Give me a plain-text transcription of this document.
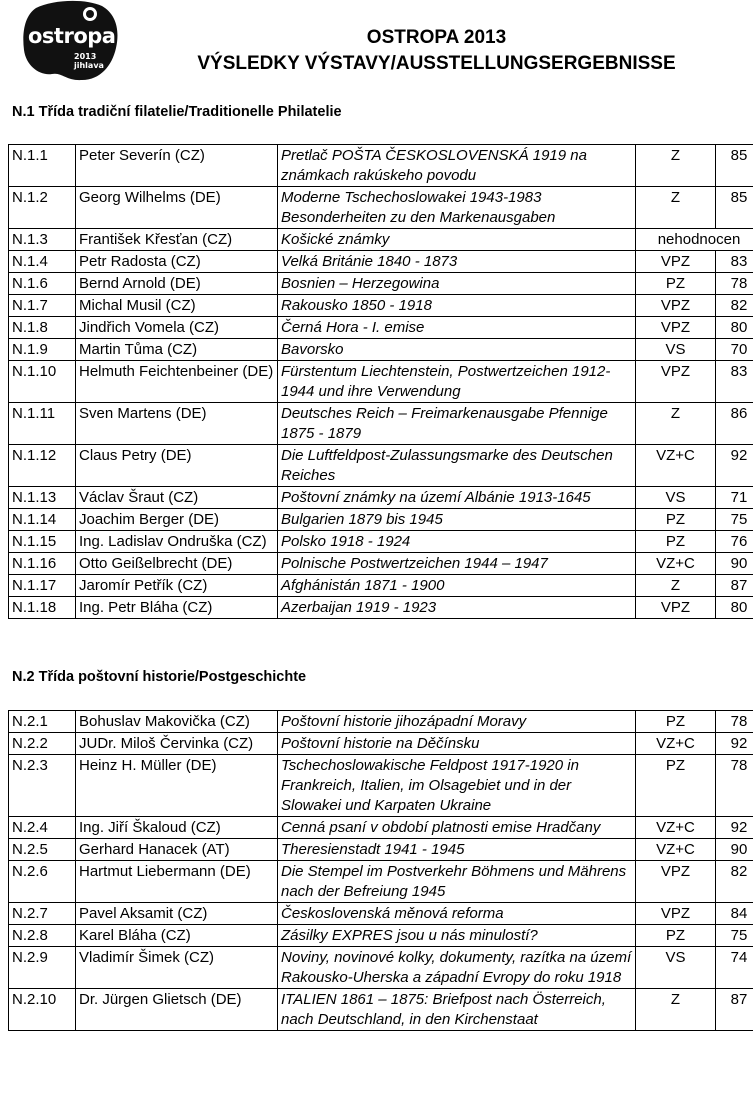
ostropa
2013
jihlava
OSTROPA 2013
VÝSLEDKY VÝSTAVY/AUSSTELLUNGSERGEBNISSE
N.1 Třída tradiční filatelie/Traditionelle Philatelie
N.1.1	Peter Severín (CZ)	Pretlač POŠTA ČESKOSLOVENSKÁ 1919 na známkach rakúskeho povodu	Z	85
N.1.2	Georg Wilhelms (DE)	Moderne Tschechoslowakei 1943-1983 Besonderheiten zu den Markenausgaben	Z	85
N.1.3	František Křesťan (CZ)	Košické známky	nehodnocen	
N.1.4	Petr Radosta (CZ)	Velká Británie 1840 - 1873	VPZ	83
N.1.6	Bernd Arnold (DE)	Bosnien – Herzegowina	PZ	78
N.1.7	Michal Musil (CZ)	Rakousko 1850 - 1918	VPZ	82
N.1.8	Jindřich Vomela (CZ)	Černá Hora - I. emise	VPZ	80
N.1.9	Martin Tůma (CZ)	Bavorsko	VS	70
N.1.10	Helmuth Feichtenbeiner (DE)	Fürstentum Liechtenstein, Postwertzeichen 1912-1944 und ihre Verwendung	VPZ	83
N.1.11	Sven Martens (DE)	Deutsches Reich – Freimarkenausgabe Pfennige 1875 - 1879	Z	86
N.1.12	Claus Petry (DE)	Die Luftfeldpost-Zulassungsmarke des Deutschen Reiches	VZ+C	92
N.1.13	Václav Šraut (CZ)	Poštovní známky na území Albánie 1913-1645	VS	71
N.1.14	Joachim Berger (DE)	Bulgarien 1879 bis 1945	PZ	75
N.1.15	Ing. Ladislav Ondruška (CZ)	Polsko 1918 - 1924	PZ	76
N.1.16	Otto Geißelbrecht (DE)	Polnische Postwertzeichen 1944 – 1947	VZ+C	90
N.1.17	Jaromír Petřík (CZ)	Afghánistán 1871 - 1900	Z	87
N.1.18	Ing. Petr Bláha (CZ)	Azerbaijan 1919 - 1923	VPZ	80
N.2 Třída poštovní historie/Postgeschichte
N.2.1	Bohuslav Makovička (CZ)	Poštovní historie jihozápadní Moravy	PZ	78
N.2.2	JUDr. Miloš Červinka (CZ)	Poštovní historie na Děčínsku	VZ+C	92
N.2.3	Heinz H. Müller (DE)	Tschechoslowakische Feldpost 1917-1920 in Frankreich, Italien, im Olsagebiet und in der Slowakei und Karpaten Ukraine	PZ	78
N.2.4	Ing. Jiří Škaloud (CZ)	Cenná psaní v období platnosti emise Hradčany	VZ+C	92
N.2.5	Gerhard Hanacek (AT)	Theresienstadt 1941 - 1945	VZ+C	90
N.2.6	Hartmut Liebermann (DE)	Die Stempel im Postverkehr Böhmens und Mährens nach der Befreiung 1945	VPZ	82
N.2.7	Pavel Aksamit (CZ)	Československá měnová reforma	VPZ	84
N.2.8	Karel Bláha (CZ)	Zásilky EXPRES jsou u nás minulostí?	PZ	75
N.2.9	Vladimír Šimek (CZ)	Noviny, novinové kolky, dokumenty, razítka na území Rakousko-Uherska a západní Evropy do roku 1918	VS	74
N.2.10	Dr. Jürgen Glietsch (DE)	ITALIEN 1861 – 1875: Briefpost nach Österreich, nach Deutschland, in den Kirchenstaat	Z	87
